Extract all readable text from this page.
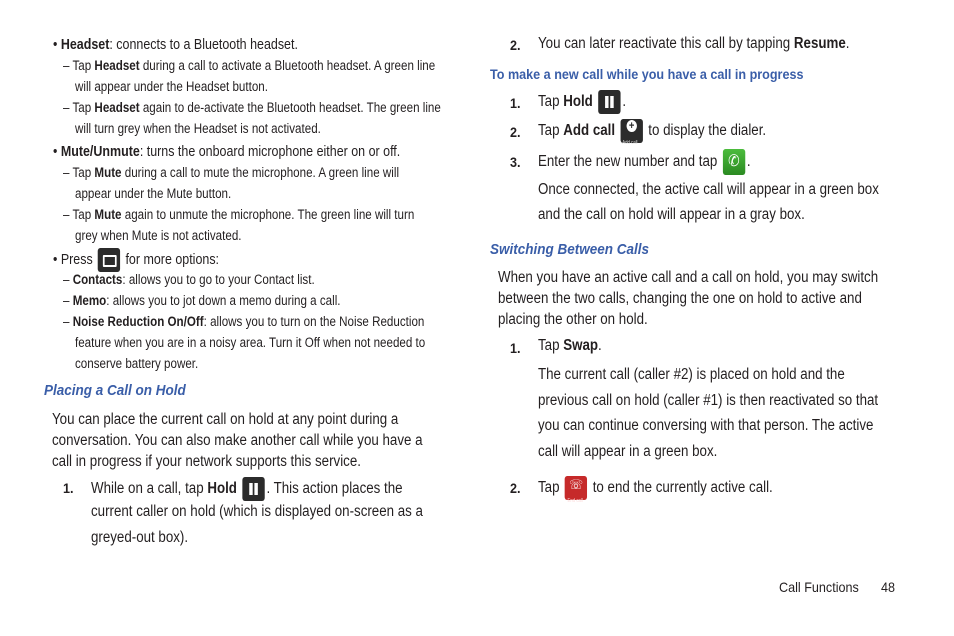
• Headset: connects to a Bluetooth headset.
– Tap Headset during a call to activate a Bluetooth headset. A green line
will appear under the Headset button.
– Tap Headset again to de-activate the Bluetooth headset. The green line
will turn grey when the Headset is not activated.
• Mute/Unmute: turns the onboard microphone either on or off.
– Tap Mute during a call to mute the microphone. A green line will
appear under the Mute button.
– Tap Mute again to unmute the microphone. The green line will turn
grey when Mute is not activated.
• Press for more options:
– Contacts: allows you to go to your Contact list.
– Memo: allows you to jot down a memo during a call.
– Noise Reduction On/Off: allows you to turn on the Noise Reduction
feature when you are in a noisy area. Turn it Off when not needed to
conserve battery power.
Placing a Call on Hold
You can place the current call on hold at any point during a
conversation. You can also make another call while you have a
call in progress if your network supports this service.
1. While on a call, tap Hold . This action places the
current caller on hold (which is displayed on-screen as a
greyed-out box).
2. You can later reactivate this call by tapping Resume.
To make a new call while you have a call in progress
1. Tap Hold .
2. Tap Add call + Add call to display the dialer.
3. Enter the new number and tap ✆ .
Once connected, the active call will appear in a green box
and the call on hold will appear in a gray box.
Switching Between Calls
When you have an active call and a call on hold, you may switch
between the two calls, changing the one on hold to active and
placing the other on hold.
1. Tap Swap.
The current call (caller #2) is placed on hold and the
previous call on hold (caller #1) is then reactivated so that
you can continue conversing with that person. The active
call will appear in a green box.
2. Tap ☏ End call to end the currently active call.
Call Functions 48
